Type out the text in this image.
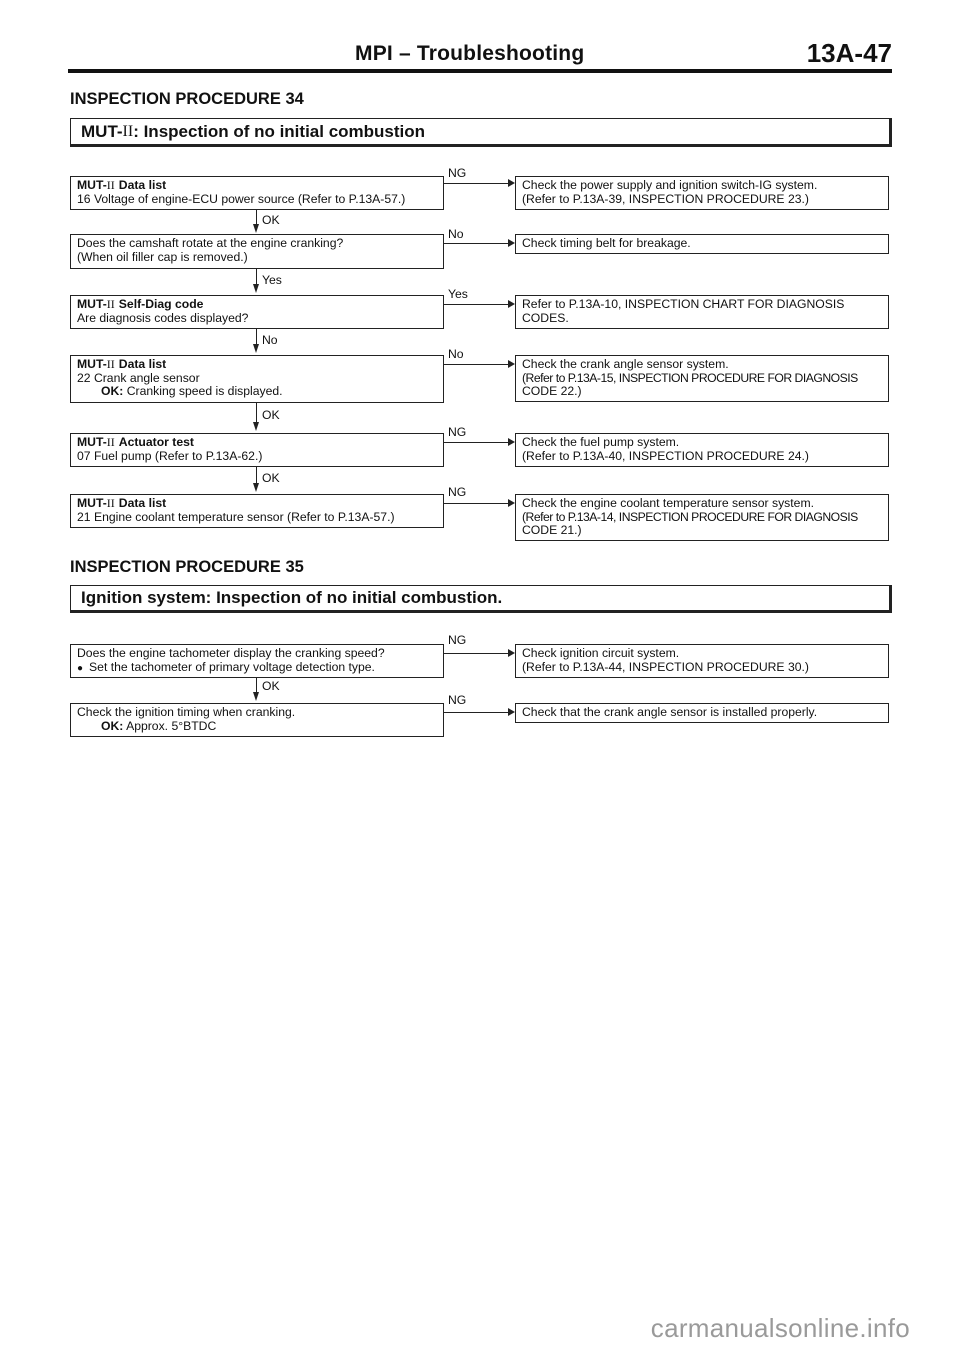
MPI – Troubleshooting	13A-47
INSPECTION PROCEDURE 34
MUT- II : Inspection of no initial combustion
NG
MUT-II Data list
16 Voltage of engine-ECU power source (Refer to P.13A-57.)
Check the power supply and ignition switch-IG system.
(Refer to P.13A-39, INSPECTION PROCEDURE 23.)
OK
No
Does the camshaft rotate at the engine cranking?
(When oil filler cap is removed.)
Check timing belt for breakage.
Yes
Yes
MUT-II Self-Diag code
Are diagnosis codes displayed?
Refer to P.13A-10, INSPECTION CHART FOR DIAGNOSIS
CODES.
No
No
MUT-II Data list
22 Crank angle sensor
OK: Cranking speed is displayed.
Check the crank angle sensor system.
(Refer to P.13A-15, INSPECTION PROCEDURE FOR DIAGNOSIS
CODE 22.)
OK
NG
MUT-II Actuator test
07 Fuel pump (Refer to P.13A-62.)
Check the fuel pump system.
(Refer to P.13A-40, INSPECTION PROCEDURE 24.)
OK
NG
MUT-II Data list
21 Engine coolant temperature sensor (Refer to P.13A-57.)
Check the engine coolant temperature sensor system.
(Refer to P.13A-14, INSPECTION PROCEDURE FOR DIAGNOSIS
CODE 21.)
INSPECTION PROCEDURE 35
Ignition system: Inspection of no initial combustion.
NG
Does the engine tachometer display the cranking speed?
● Set the tachometer of primary voltage detection type.
Check ignition circuit system.
(Refer to P.13A-44, INSPECTION PROCEDURE 30.)
OK
NG
Check the ignition timing when cranking.
OK: Approx. 5°BTDC
Check that the crank angle sensor is installed properly.
carmanualsonline.info
